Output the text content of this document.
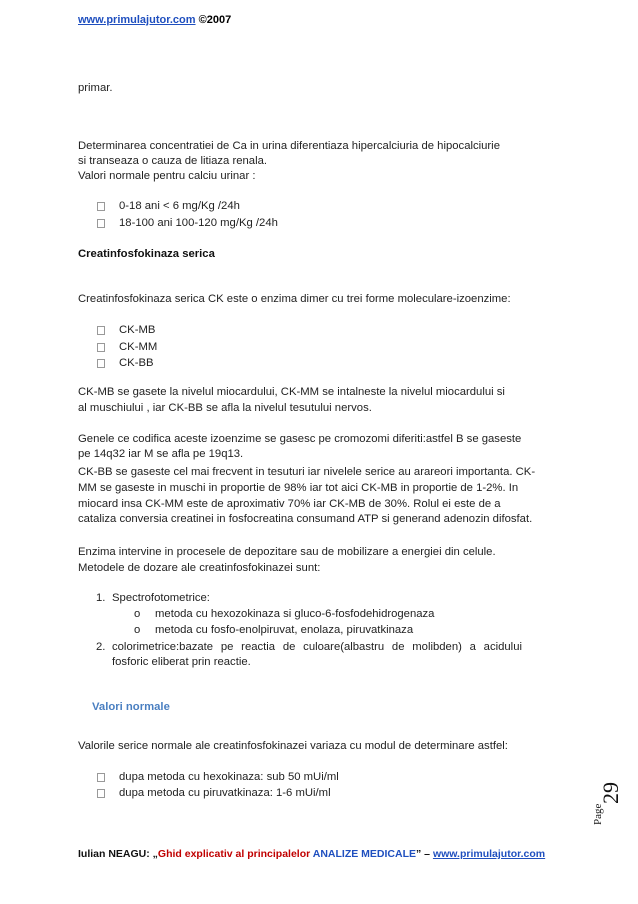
www.primulajutor.com ©2007
primar.
Determinarea concentratiei de Ca in urina diferentiaza hipercalciuria de hipocalciurie
si transeaza o cauza de litiaza renala.
Valori normale pentru calciu urinar :
0-18 ani < 6 mg/Kg /24h
18-100 ani 100-120 mg/Kg /24h
Creatinfosfokinaza serica
Creatinfosfokinaza serica CK este o enzima dimer cu trei forme moleculare-izoenzime:
CK-MB
CK-MM
CK-BB
CK-MB se gasete la nivelul miocardului, CK-MM se intalneste la nivelul miocardului si
al muschiului , iar CK-BB se afla la nivelul tesutului nervos.
Genele ce codifica aceste izoenzime se gasesc pe cromozomi diferiti:astfel B se gaseste
pe 14q32 iar M se afla pe 19q13.
CK-BB se gaseste cel mai frecvent in tesuturi iar nivelele serice au arareori importanta. CK-
MM se gaseste in muschi in proportie de 98% iar tot aici CK-MB in proportie de 1-2%. In
miocard insa CK-MM este de aproximativ 70% iar CK-MB de 30%. Rolul ei este de a
cataliza conversia creatinei in fosfocreatina consumand ATP si generand adenozin difosfat.
Enzima intervine in procesele de depozitare sau de mobilizare a energiei din celule.
Metodele de dozare ale creatinfosfokinazei sunt:
1. Spectrofotometrice:
o metoda cu hexozokinaza si gluco-6-fosfodehidrogenaza
o metoda cu fosfo-enolpiruvat, enolaza, piruvatkinaza
2. colorimetrice:bazate pe reactia de culoare(albastru de molibden) a acidului
fosforic eliberat prin reactie.
Valori normale
Valorile serice normale ale creatinfosfokinazei variaza cu modul de determinare astfel:
dupa metoda cu hexokinaza: sub 50 mUi/ml
dupa metoda cu piruvatkinaza: 1-6 mUi/ml
Page
29
Iulian NEAGU: „Ghid explicativ al principalelor ANALIZE MEDICALE” – www.primulajutor.com
